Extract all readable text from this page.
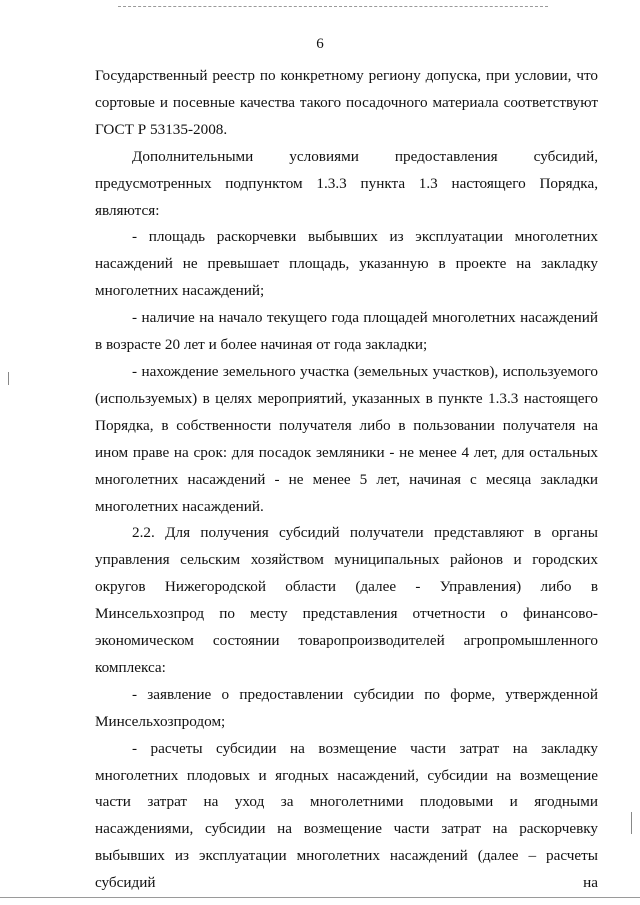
6

Государственный реестр по конкретному региону допуска, при условии, что сортовые и посевные качества такого посадочного материала соответствуют ГОСТ Р 53135-2008.

Дополнительными условиями предоставления субсидий, предусмотренных подпунктом 1.3.3 пункта 1.3 настоящего Порядка, являются:

- площадь раскорчевки выбывших из эксплуатации многолетних насаждений не превышает площадь, указанную в проекте на закладку многолетних насаждений;

- наличие на начало текущего года площадей многолетних насаждений в возрасте 20 лет и более начиная от года закладки;

- нахождение земельного участка (земельных участков), используемого (используемых) в целях мероприятий, указанных в пункте 1.3.3 настоящего Порядка, в собственности получателя либо в пользовании получателя на ином праве на срок: для посадок земляники - не менее 4 лет, для остальных многолетних насаждений - не менее 5 лет, начиная с месяца закладки многолетних насаждений.

2.2. Для получения субсидий получатели представляют в органы управления сельским хозяйством муниципальных районов и городских округов Нижегородской области (далее - Управления) либо в Минсельхозпрод по месту представления отчетности о финансово-экономическом состоянии товаропроизводителей агропромышленного комплекса:

- заявление о предоставлении субсидии по форме, утвержденной Минсельхозпродом;

- расчеты субсидии на возмещение части затрат на закладку многолетних плодовых и ягодных насаждений, субсидии на возмещение части затрат на уход за многолетними плодовыми и ягодными насаждениями, субсидии на возмещение части затрат на раскорчевку выбывших из эксплуатации многолетних насаждений (далее – расчеты субсидий на
